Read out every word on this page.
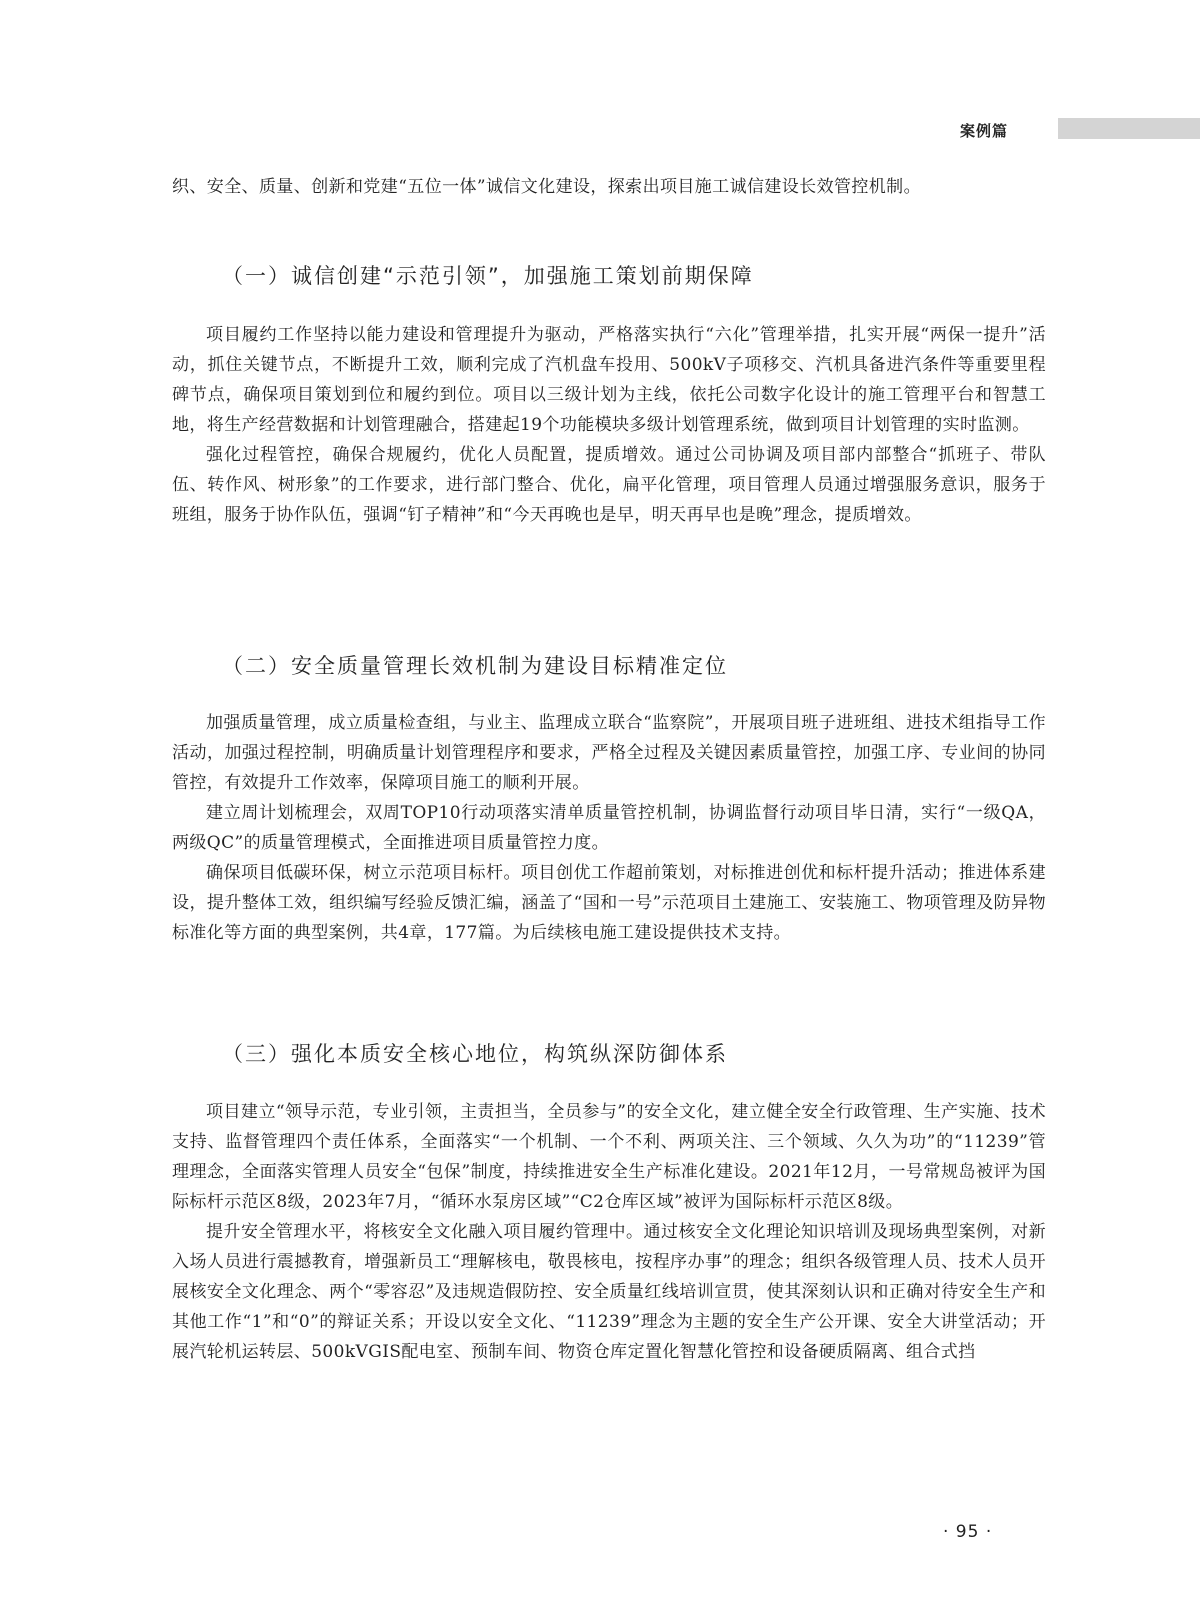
案例篇

织、安全、质量、创新和党建“五位一体”诚信文化建设，探索出项目施工诚信建设长效管控机制。

（一）诚信创建“示范引领”，加强施工策划前期保障

项目履约工作坚持以能力建设和管理提升为驱动，严格落实执行“六化”管理举措，扎实开展“两保一提升”活动，抓住关键节点，不断提升工效，顺利完成了汽机盘车投用、500kV子项移交、汽机具备进汽条件等重要里程碑节点，确保项目策划到位和履约到位。项目以三级计划为主线，依托公司数字化设计的施工管理平台和智慧工地，将生产经营数据和计划管理融合，搭建起19个功能模块多级计划管理系统，做到项目计划管理的实时监测。

强化过程管控，确保合规履约，优化人员配置，提质增效。通过公司协调及项目部内部整合“抓班子、带队伍、转作风、树形象”的工作要求，进行部门整合、优化，扁平化管理，项目管理人员通过增强服务意识，服务于班组，服务于协作队伍，强调“钉子精神”和“今天再晚也是早，明天再早也是晚”理念，提质增效。

（二）安全质量管理长效机制为建设目标精准定位

加强质量管理，成立质量检查组，与业主、监理成立联合“监察院”，开展项目班子进班组、进技术组指导工作活动，加强过程控制，明确质量计划管理程序和要求，严格全过程及关键因素质量管控，加强工序、专业间的协同管控，有效提升工作效率，保障项目施工的顺利开展。

建立周计划梳理会，双周TOP10行动项落实清单质量管控机制，协调监督行动项目毕日清，实行“一级QA，两级QC”的质量管理模式，全面推进项目质量管控力度。

确保项目低碳环保，树立示范项目标杆。项目创优工作超前策划，对标推进创优和标杆提升活动；推进体系建设，提升整体工效，组织编写经验反馈汇编，涵盖了“国和一号”示范项目土建施工、安装施工、物项管理及防异物标准化等方面的典型案例，共4章，177篇。为后续核电施工建设提供技术支持。

（三）强化本质安全核心地位，构筑纵深防御体系

项目建立“领导示范，专业引领，主责担当，全员参与”的安全文化，建立健全安全行政管理、生产实施、技术支持、监督管理四个责任体系，全面落实“一个机制、一个不利、两项关注、三个领域、久久为功”的“11239”管理理念，全面落实管理人员安全“包保”制度，持续推进安全生产标准化建设。2021年12月，一号常规岛被评为国际标杆示范区8级，2023年7月，“循环水泵房区域”“C2仓库区域”被评为国际标杆示范区8级。

提升安全管理水平，将核安全文化融入项目履约管理中。通过核安全文化理论知识培训及现场典型案例，对新入场人员进行震撼教育，增强新员工“理解核电，敬畏核电，按程序办事”的理念；组织各级管理人员、技术人员开展核安全文化理念、两个“零容忍”及违规造假防控、安全质量红线培训宣贯，使其深刻认识和正确对待安全生产和其他工作“1”和“0”的辩证关系；开设以安全文化、“11239”理念为主题的安全生产公开课、安全大讲堂活动；开展汽轮机运转层、500kVGIS配电室、预制车间、物资仓库定置化智慧化管控和设备硬质隔离、组合式挡

· 95 ·
